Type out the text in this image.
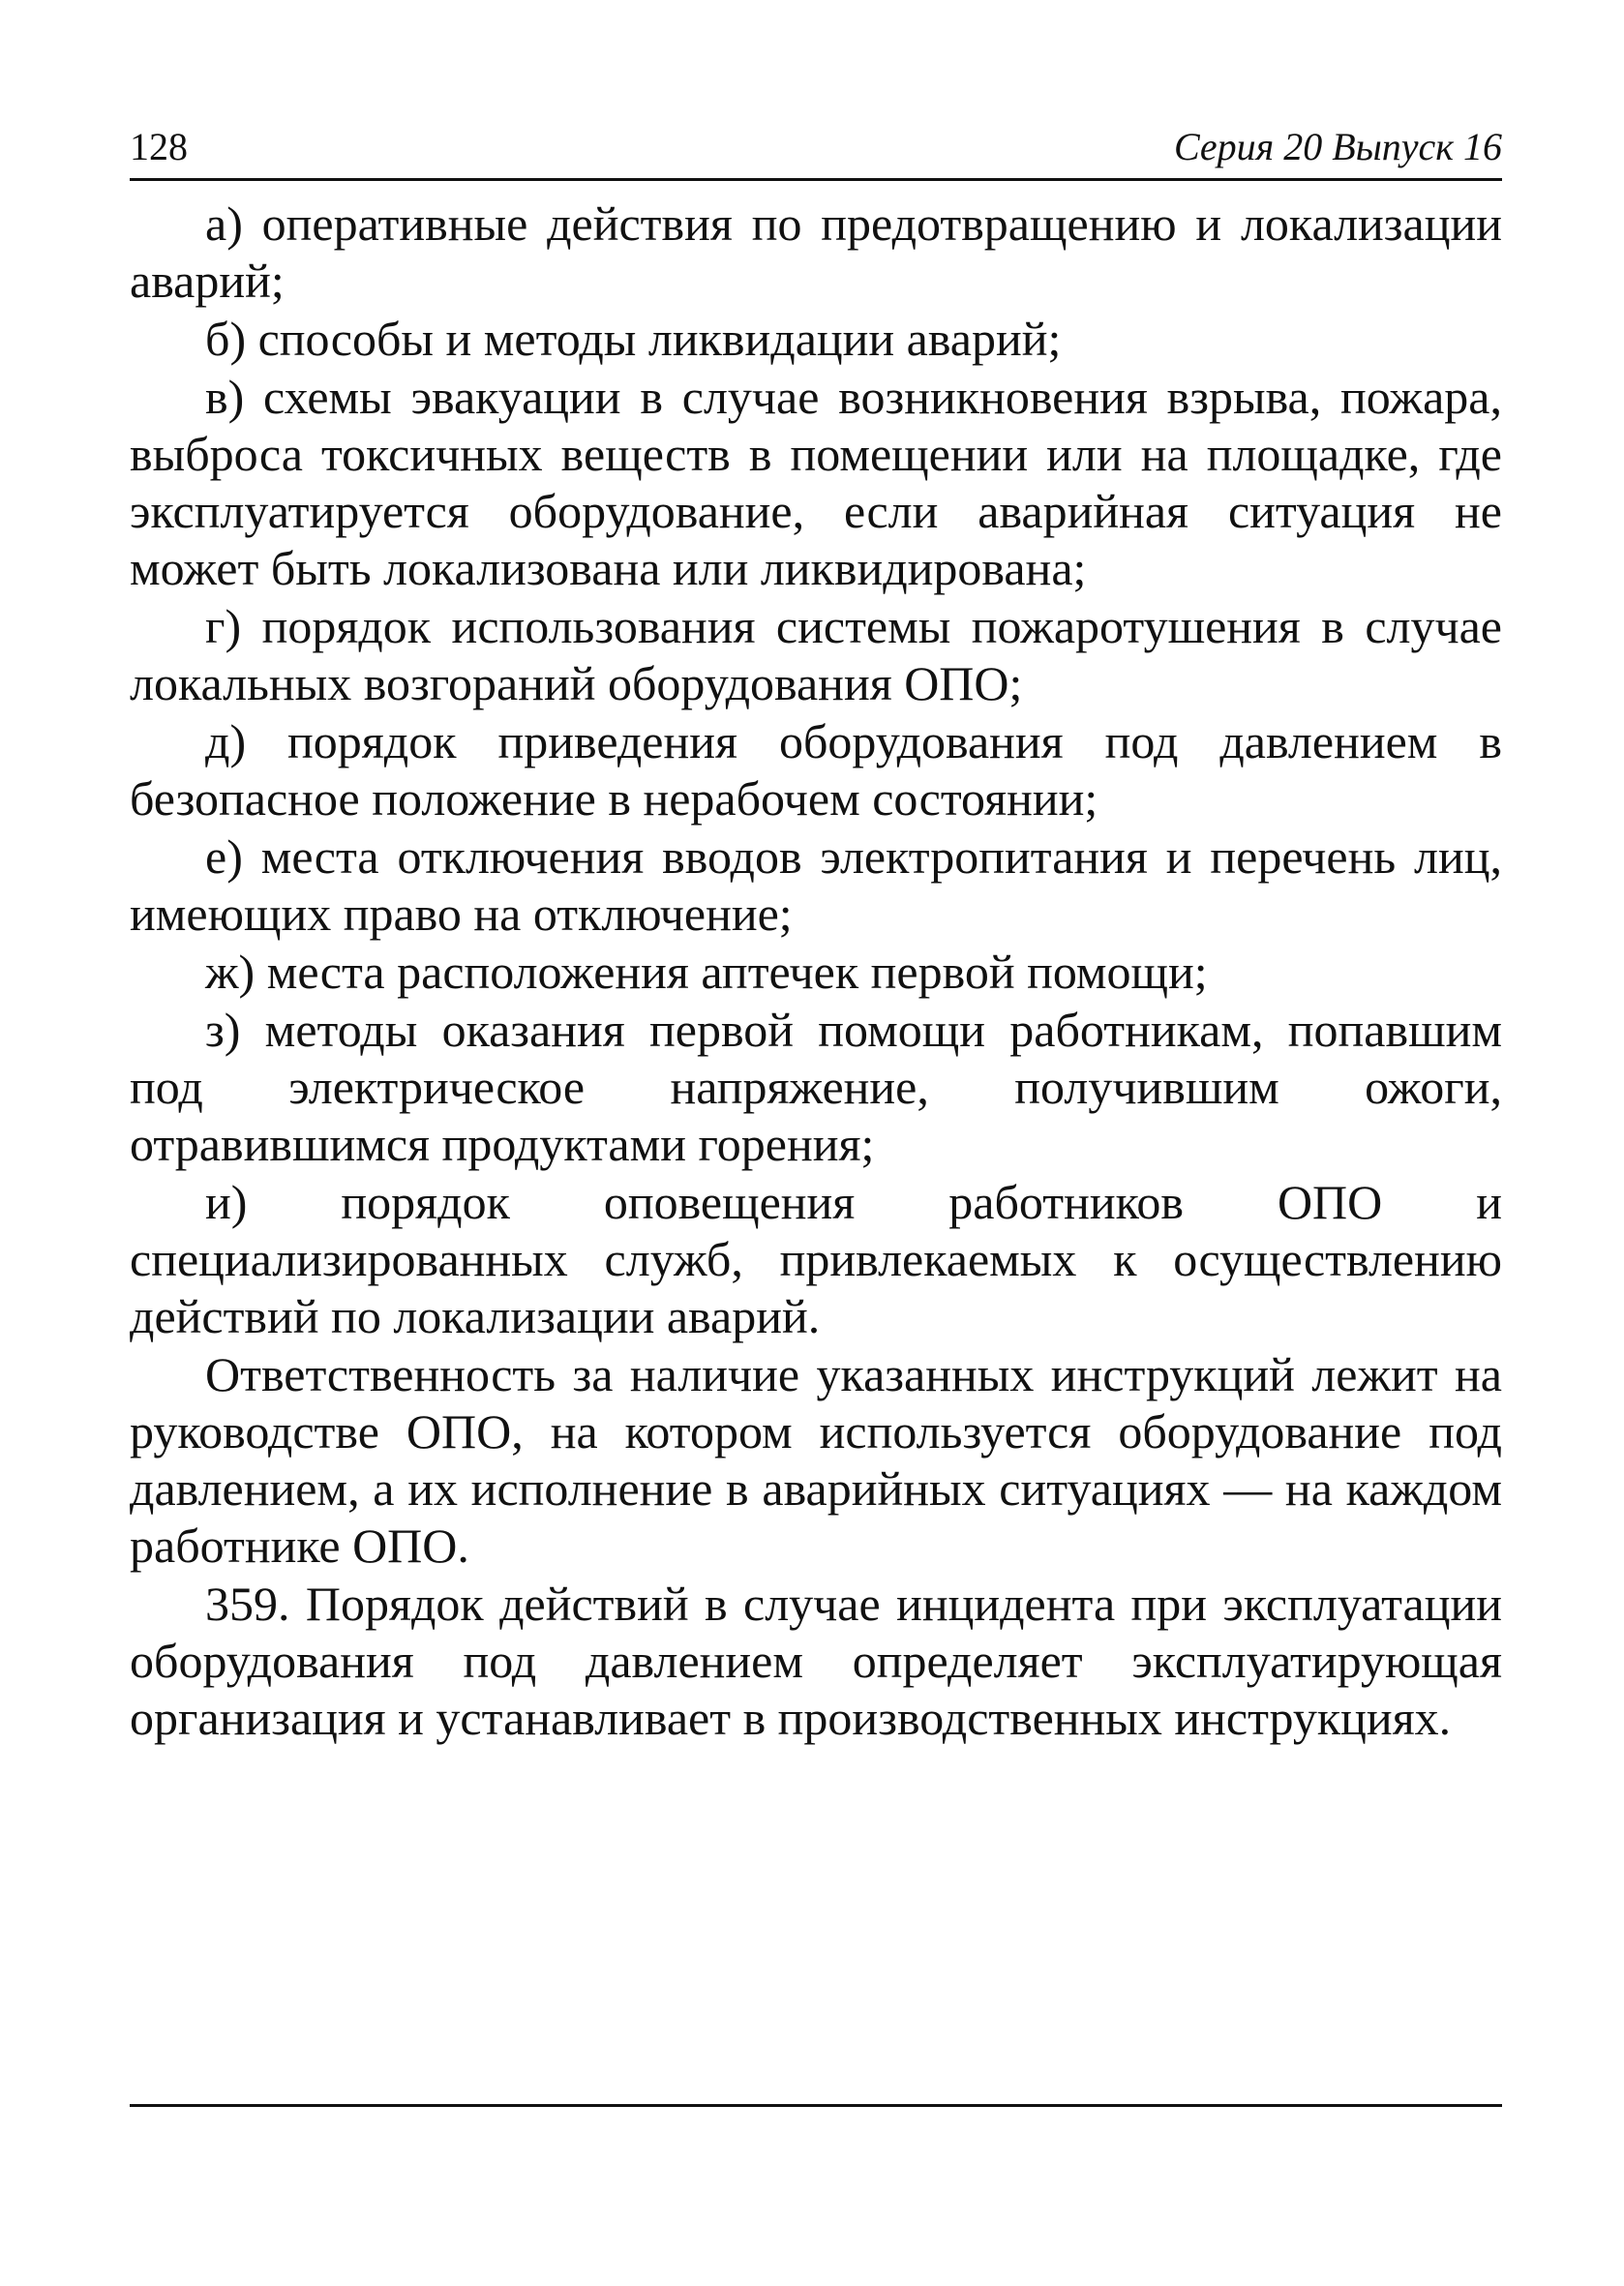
128	Серия 20 Выпуск 16

а) оперативные действия по предотвращению и локализации аварий;

б) способы и методы ликвидации аварий;

в) схемы эвакуации в случае возникновения взрыва, пожара, выброса токсичных веществ в помещении или на площадке, где эксплуатируется оборудование, если аварийная ситуация не может быть локализована или ликвидирована;

г) порядок использования системы пожаротушения в случае локальных возгораний оборудования ОПО;

д) порядок приведения оборудования под давлением в безопасное положение в нерабочем состоянии;

е) места отключения вводов электропитания и перечень лиц, имеющих право на отключение;

ж) места расположения аптечек первой помощи;

з) методы оказания первой помощи работникам, попавшим под электрическое напряжение, получившим ожоги, отравившимся продуктами горения;

и) порядок оповещения работников ОПО и специализированных служб, привлекаемых к осуществлению действий по локализации аварий.

Ответственность за наличие указанных инструкций лежит на руководстве ОПО, на котором используется оборудование под давлением, а их исполнение в аварийных ситуациях — на каждом работнике ОПО.

359. Порядок действий в случае инцидента при эксплуатации оборудования под давлением определяет эксплуатирующая организация и устанавливает в производственных инструкциях.
